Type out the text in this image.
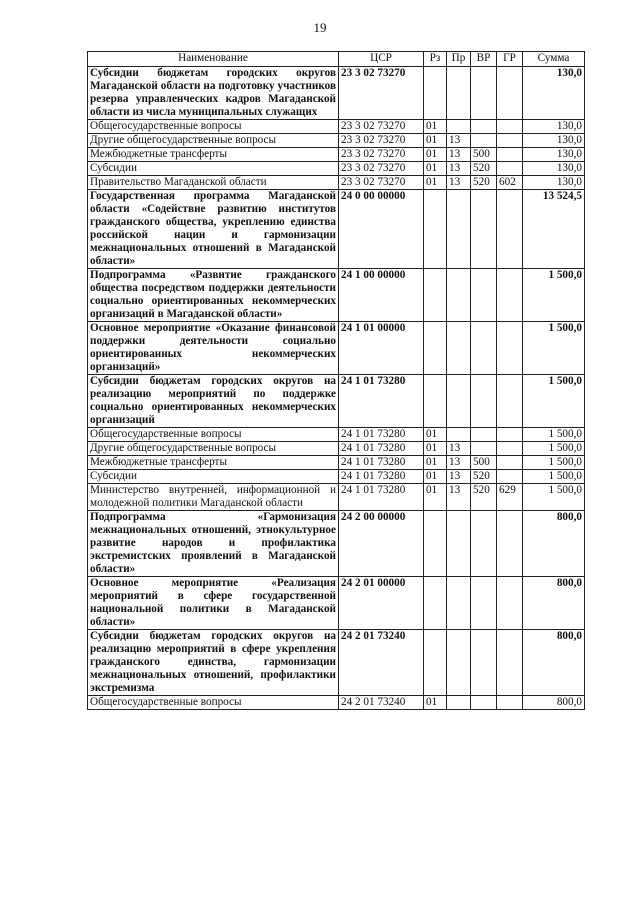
19
Наименование	ЦСР	Рз	Пр	ВР	ГР	Сумма
Субсидии бюджетам городских округов Магаданской области на подготовку участников резерва управленческих кадров Магаданской области из числа муниципальных служащих	23 3 02 73270					130,0
Общегосударственные вопросы	23 3 02 73270	01				130,0
Другие общегосударственные вопросы	23 3 02 73270	01	13			130,0
Межбюджетные трансферты	23 3 02 73270	01	13	500		130,0
Субсидии	23 3 02 73270	01	13	520		130,0
Правительство Магаданской области	23 3 02 73270	01	13	520	602	130,0
Государственная программа Магаданской области «Содействие развитию институтов гражданского общества, укреплению единства российской нации и гармонизации межнациональных отношений в Магаданской области»	24 0 00 00000					13 524,5
Подпрограмма «Развитие гражданского общества посредством поддержки деятельности социально ориентированных некоммерческих организаций в Магаданской области»	24 1 00 00000					1 500,0
Основное мероприятие «Оказание финансовой поддержки деятельности социально ориентированных некоммерческих организаций»	24 1 01 00000					1 500,0
Субсидии бюджетам городских округов на реализацию мероприятий по поддержке социально ориентированных некоммерческих организаций	24 1 01 73280					1 500,0
Общегосударственные вопросы	24 1 01 73280	01				1 500,0
Другие общегосударственные вопросы	24 1 01 73280	01	13			1 500,0
Межбюджетные трансферты	24 1 01 73280	01	13	500		1 500,0
Субсидии	24 1 01 73280	01	13	520		1 500,0
Министерство внутренней, информационной и молодежной политики Магаданской области	24 1 01 73280	01	13	520	629	1 500,0
Подпрограмма «Гармонизация межнациональных отношений, этнокультурное развитие народов и профилактика экстремистских проявлений в Магаданской области»	24 2 00 00000					800,0
Основное мероприятие «Реализация мероприятий в сфере государственной национальной политики в Магаданской области»	24 2 01 00000					800,0
Субсидии бюджетам городских округов на реализацию мероприятий в сфере укрепления гражданского единства, гармонизации межнациональных отношений, профилактики экстремизма	24 2 01 73240					800,0
Общегосударственные вопросы	24 2 01 73240	01				800,0
